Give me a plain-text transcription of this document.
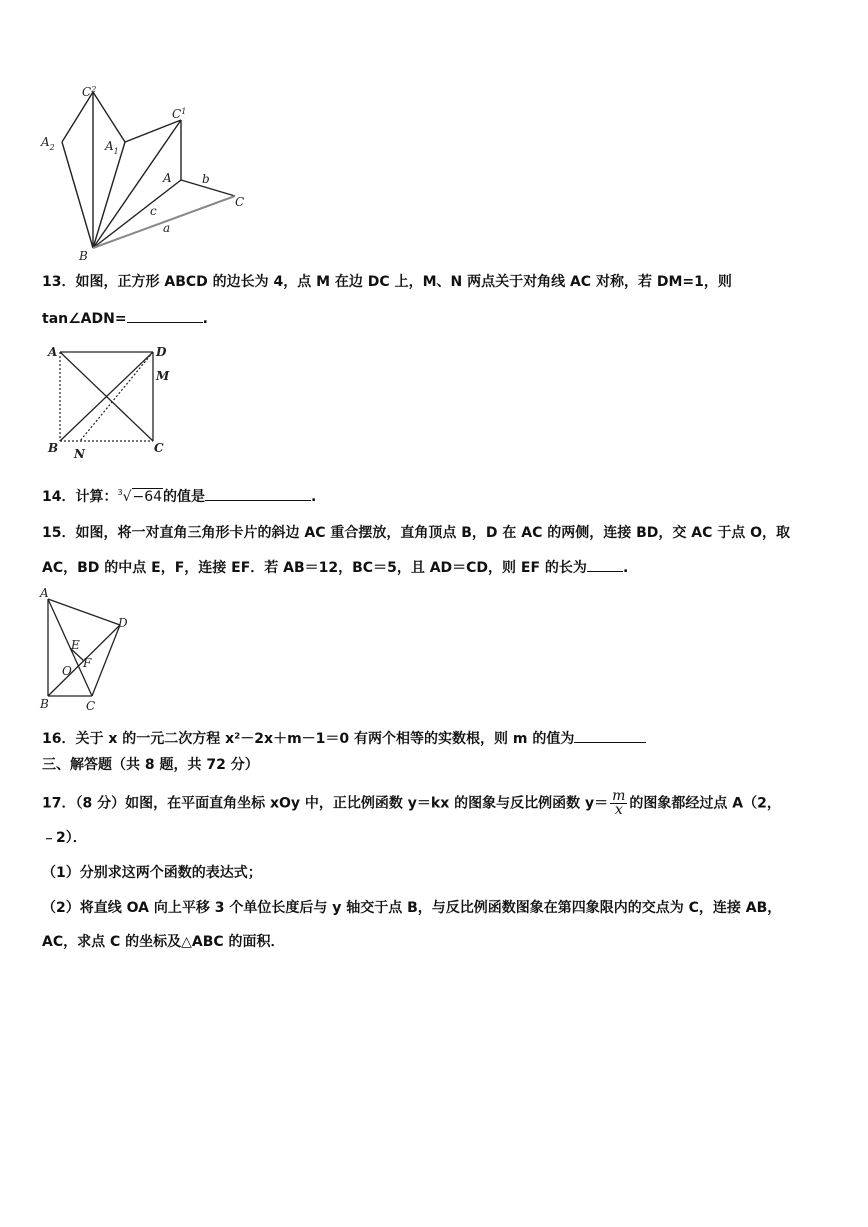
$C^2$
$A_2$	$A_1$
$C^1$
A	b
C
c
a
B
13．如图，正方形 ABCD 的边长为 4，点 M 在边 DC 上，M、N 两点关于对角线 AC 对称，若 DM=1，则
tan∠ADN=	.
A	D
M
B	C
N
14．计算：$^3$√−64的值是	.
15．如图，将一对直角三角形卡片的斜边 AC 重合摆放，直角顶点 B，D 在 AC 的两侧，连接 BD，交 AC 于点 O，取
AC，BD 的中点 E，F，连接 EF．若 AB＝12，BC＝5，且 AD＝CD，则 EF 的长为	.
A
D
E
O
F
B	C
16．关于 x 的一元二次方程 x²－2x＋m－1＝0 有两个相等的实数根，则 m 的值为
三、解答题（共 8 题，共 72 分）
17．（8 分）如图，在平面直角坐标 xOy 中，正比例函数 y＝kx 的图象与反比例函数 $y= \frac{m}{x}$ 的图象都经过点 A（2，
﹣2）．
（1）分别求这两个函数的表达式；
（2）将直线 OA 向上平移 3 个单位长度后与 y 轴交于点 B，与反比例函数图象在第四象限内的交点为 C，连接 AB，
AC，求点 C 的坐标及△ABC 的面积．
